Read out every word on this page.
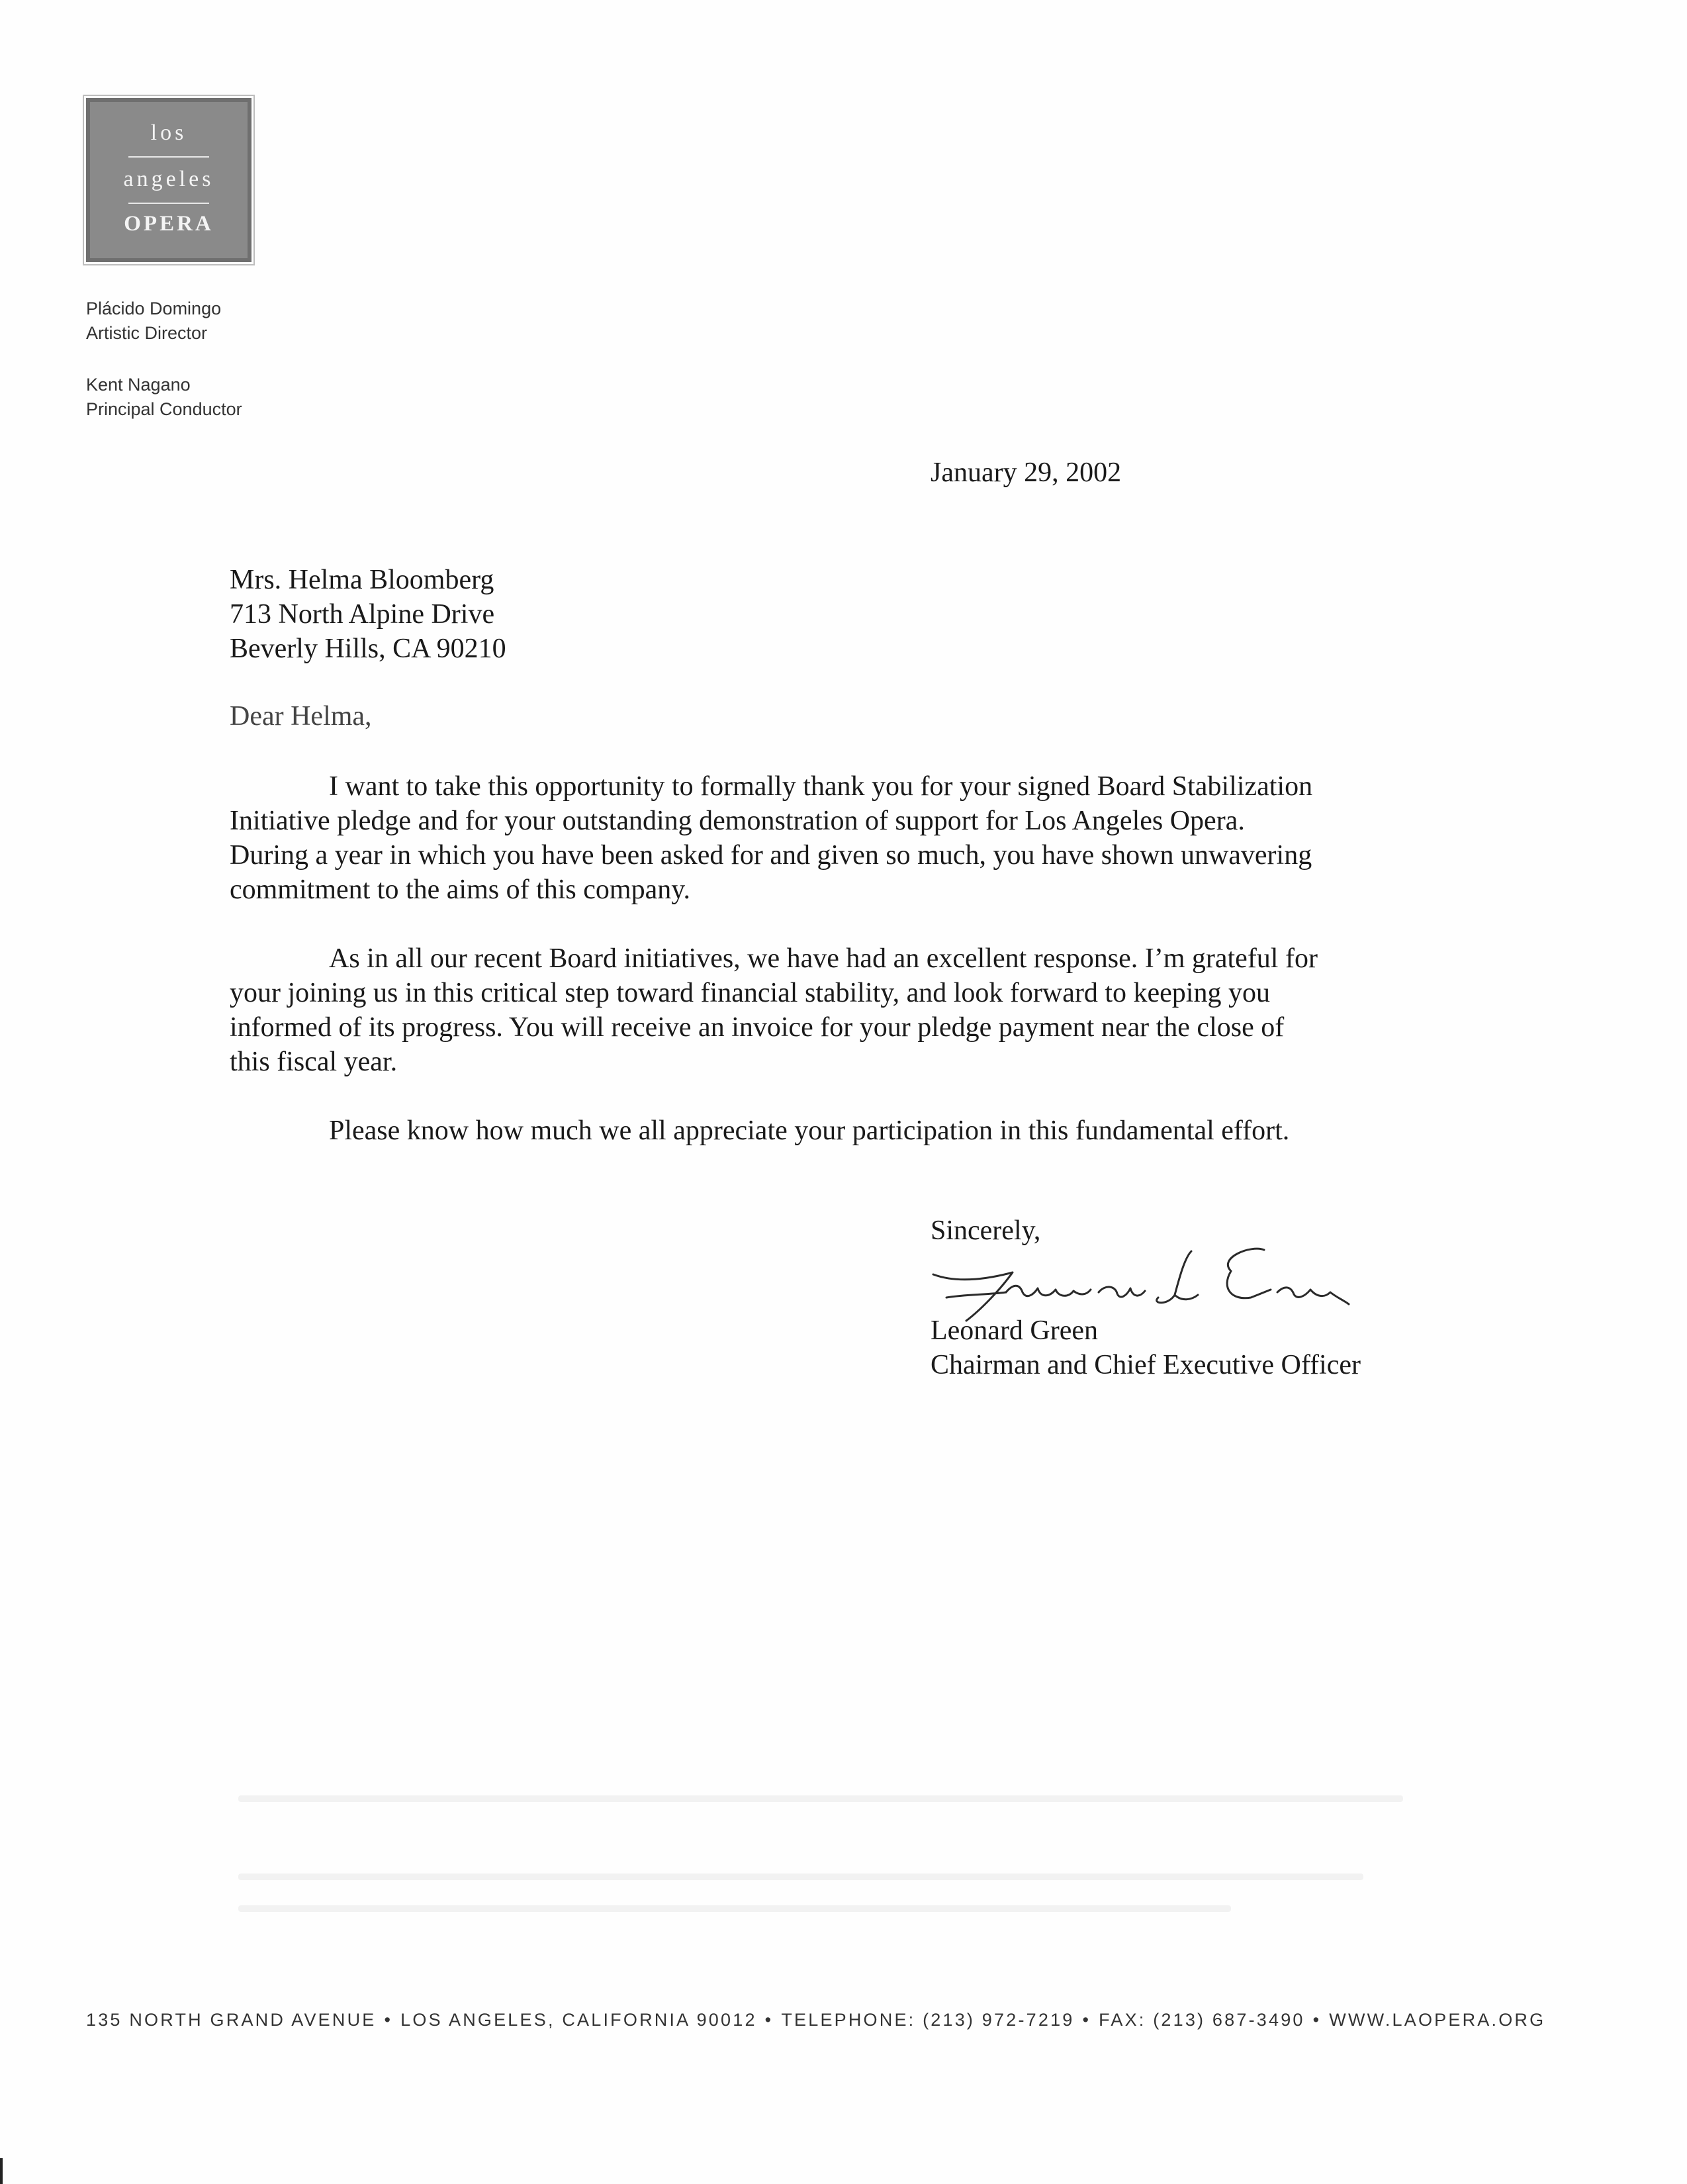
los
angeles
OPERA
Plácido Domingo
Artistic Director
Kent Nagano
Principal Conductor
January 29, 2002
Mrs. Helma Bloomberg
713 North Alpine Drive
Beverly Hills, CA 90210
Dear Helma,
I want to take this opportunity to formally thank you for your signed Board Stabilization
Initiative pledge and for your outstanding demonstration of support for Los Angeles Opera.
During a year in which you have been asked for and given so much, you have shown unwavering
commitment to the aims of this company.
As in all our recent Board initiatives, we have had an excellent response. I’m grateful for
your joining us in this critical step toward financial stability, and look forward to keeping you
informed of its progress. You will receive an invoice for your pledge payment near the close of
this fiscal year.
Please know how much we all appreciate your participation in this fundamental effort.
Sincerely,
Leonard Green
Chairman and Chief Executive Officer
135 NORTH GRAND AVENUE • LOS ANGELES, CALIFORNIA 90012 • TELEPHONE: (213) 972-7219 • FAX: (213) 687-3490 • WWW.LAOPERA.ORG
